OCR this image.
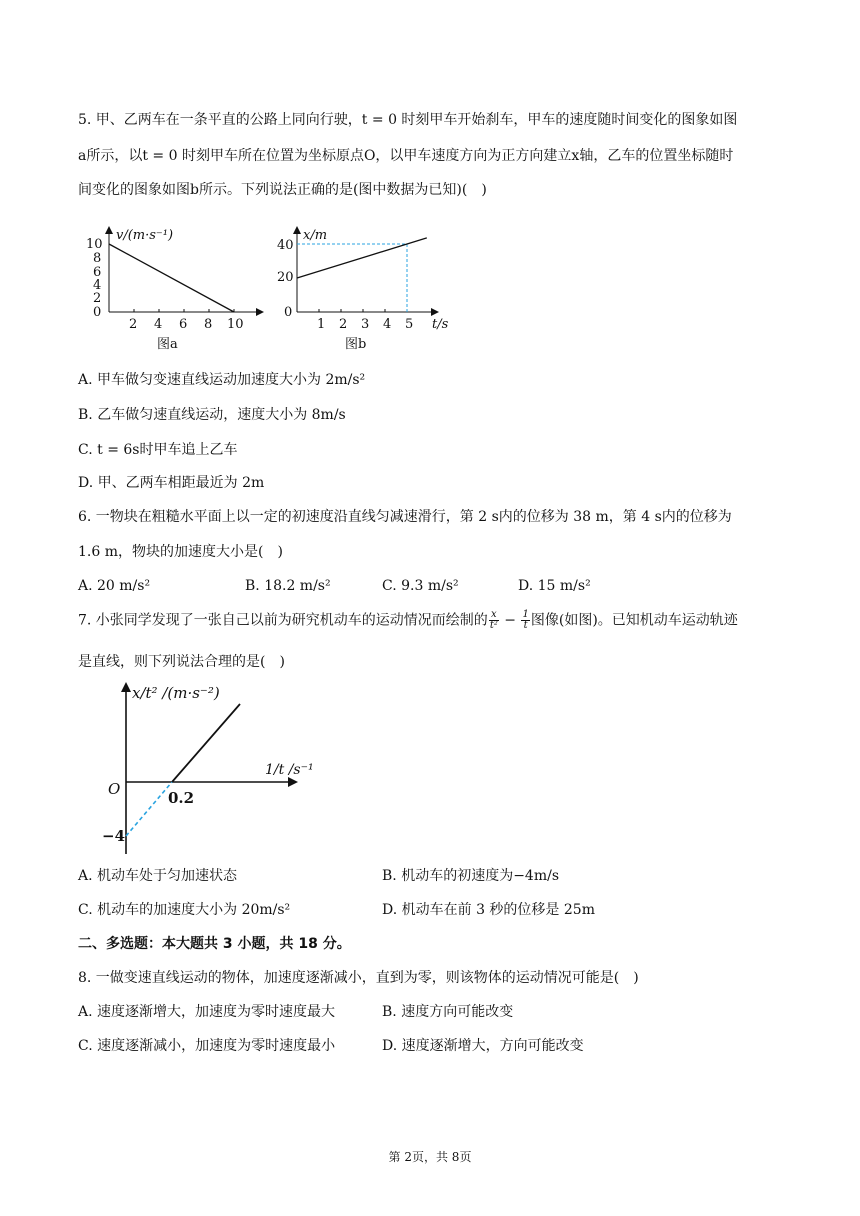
5. 甲、乙两车在一条平直的公路上同向行驶，t = 0 时刻甲车开始刹车，甲车的速度随时间变化的图象如图
a所示，以t = 0 时刻甲车所在位置为坐标原点O，以甲车速度方向为正方向建立x轴，乙车的位置坐标随时
间变化的图象如图b所示。下列说法正确的是(图中数据为已知)(　)
10
8
6
4
2
0
2 4 6 8 10
v/(m·s⁻¹)
图a
40
20
0
1 2 3 4 5 t/s
x/m
图b
A. 甲车做匀变速直线运动加速度大小为 2m/s²
B. 乙车做匀速直线运动，速度大小为 8m/s
C. t = 6s时甲车追上乙车
D. 甲、乙两车相距最近为 2m
6. 一物块在粗糙水平面上以一定的初速度沿直线匀减速滑行，第 2 s内的位移为 38 m，第 4 s内的位移为
1.6 m，物块的加速度大小是(　)
A. 20 m/s²	B. 18.2 m/s²	C. 9.3 m/s²	D. 15 m/s²
7. 小张同学发现了一张自己以前为研究机动车的运动情况而绘制的 $\frac{x}{\text{t²}} - \frac{1}{t}$ 图像(如图)。已知机动车运动轨迹
是直线，则下列说法合理的是(　)
x/t² /(m·s⁻²)
O	0.2
−4
1/t /s⁻¹
A. 机动车处于匀加速状态	B. 机动车的初速度为−4m/s
C. 机动车的加速度大小为 20m/s²	D. 机动车在前 3 秒的位移是 25m
二、多选题：本大题共 3 小题，共 18 分。
8. 一做变速直线运动的物体，加速度逐渐减小，直到为零，则该物体的运动情况可能是(　)
A. 速度逐渐增大，加速度为零时速度最大	B. 速度方向可能改变
C. 速度逐渐减小，加速度为零时速度最小	D. 速度逐渐增大，方向可能改变
第 2页，共 8页
